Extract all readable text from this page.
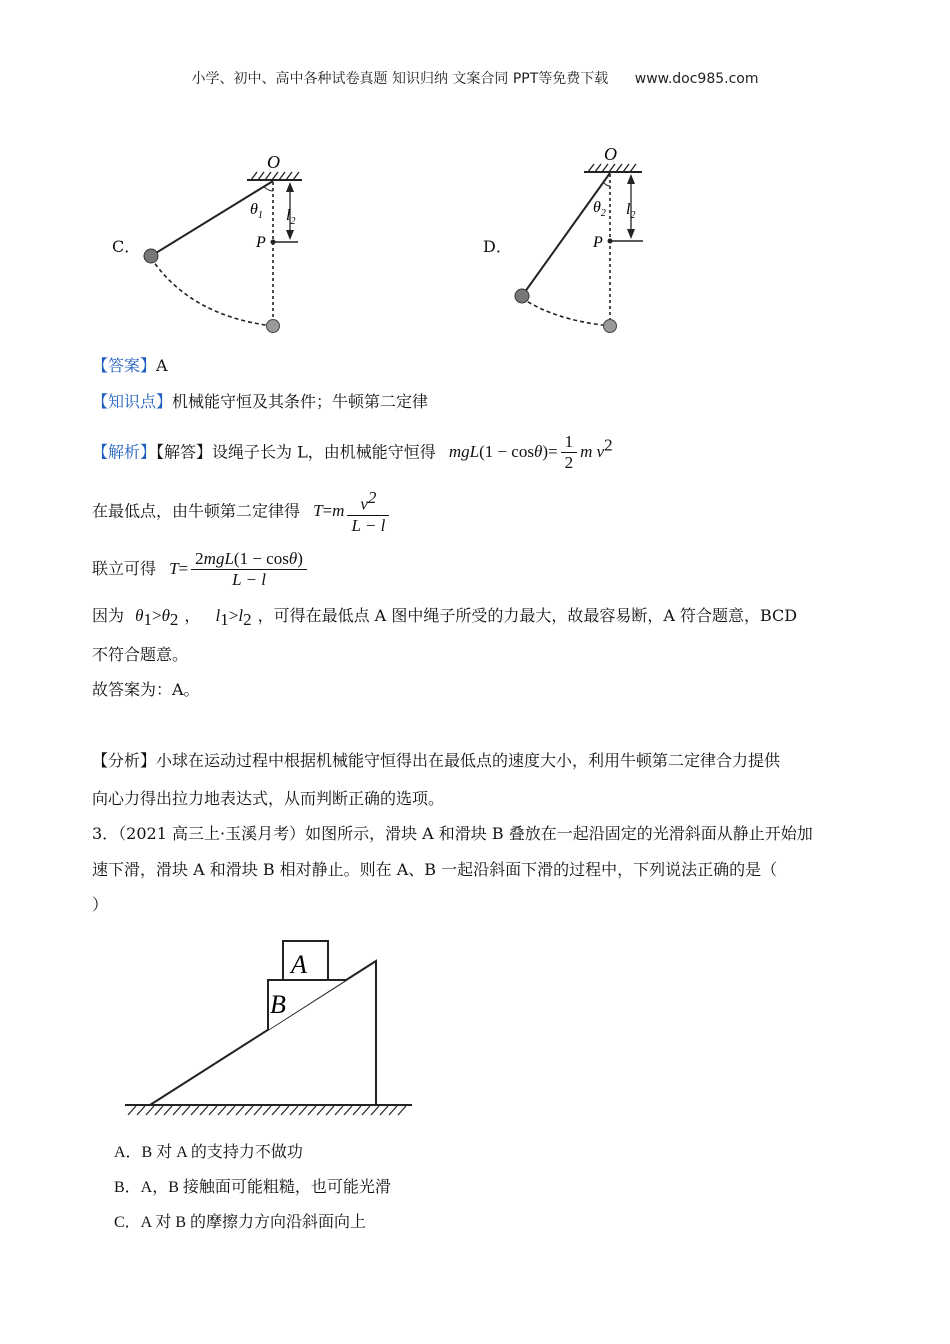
小学、初中、高中各种试卷真题 知识归纳 文案合同 PPT等免费下载 www.doc985.com
C．
O
$\theta_1$
P
$l_2$
D．
O
$\theta_2$
P
$l_2$
【答案】A
【知识点】机械能守恒及其条件；牛顿第二定律
【解析】【解答】设绳子长为 L，由机械能守恒得 $mgL(1 - \cos\theta)= \frac{1}{2}$ m $v^2$
在最低点，由牛顿第二定律得 $T=m \frac{v^2}{L - l}$
联立可得 $T= \frac{\text{2mgL(1 − cosθ)}}{L - l}$
因为 $\theta_1>\theta_2$ ， $l_1>l_2$ ，可得在最低点 A 图中绳子所受的力最大，故最容易断，A 符合题意，BCD
不符合题意。
故答案为：A。
【分析】小球在运动过程中根据机械能守恒得出在最低点的速度大小，利用牛顿第二定律合力提供
向心力得出拉力地表达式，从而判断正确的选项。
3．（2021 高三上·玉溪月考）如图所示，滑块 A 和滑块 B 叠放在一起沿固定的光滑斜面从静止开始加
速下滑，滑块 A 和滑块 B 相对静止。则在 A、B 一起沿斜面下滑的过程中，下列说法正确的是（
）
B
A
A．B 对 A 的支持力不做功
B．A，B 接触面可能粗糙，也可能光滑
C．A 对 B 的摩擦力方向沿斜面向上
